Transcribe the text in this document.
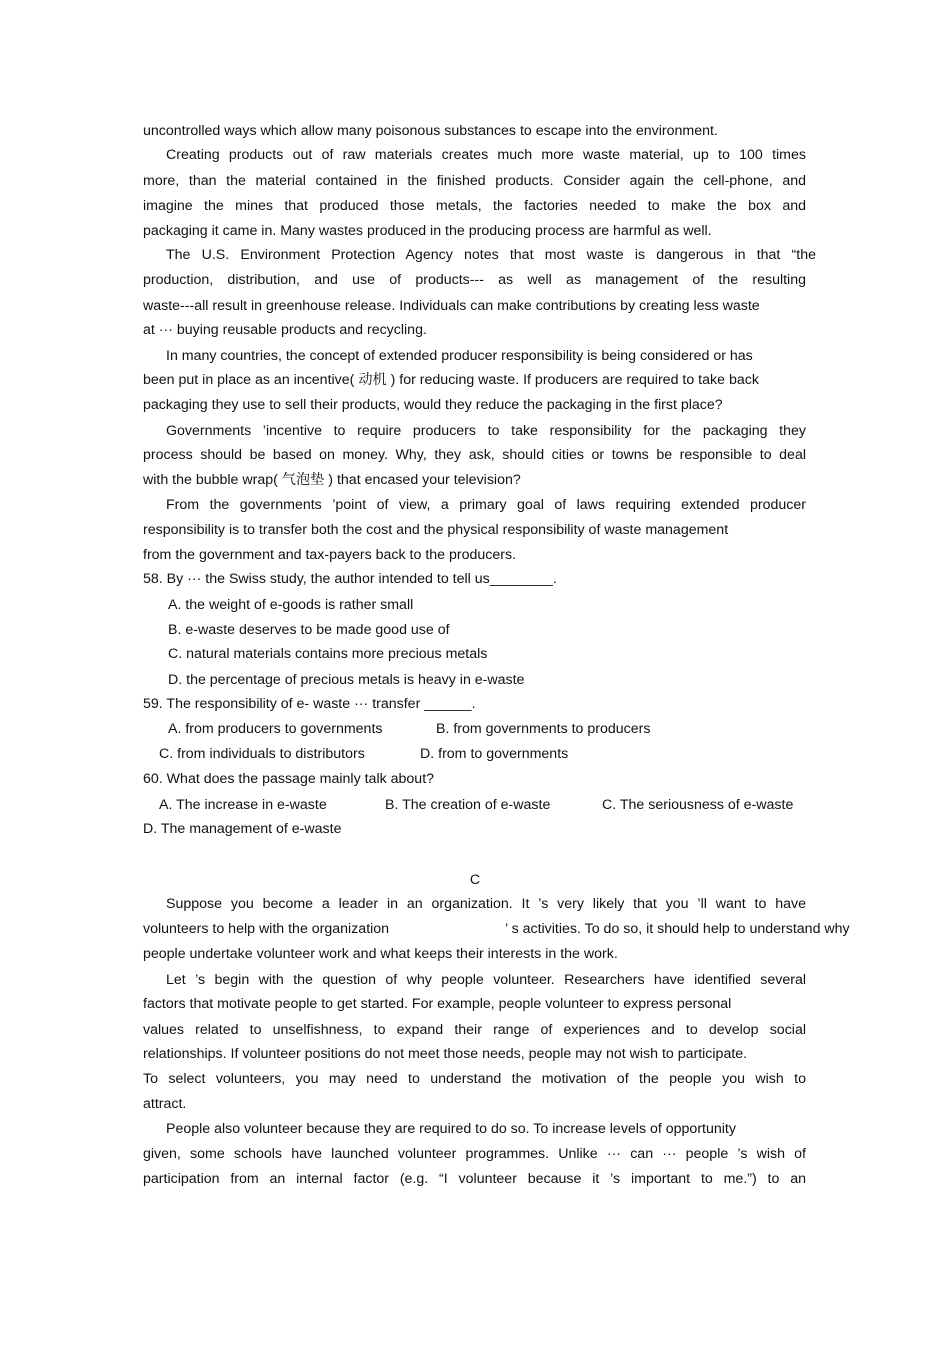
uncontrolled ways which allow many poisonous substances to escape into the environment.
Creating products out of raw materials creates much more waste material, up to 100 times
more, than the material contained in the finished products. Consider again the cell-phone, and
imagine the mines that produced those metals, the factories needed to make the box and
packaging it came in. Many wastes produced in the producing process are harmful as well.
The U.S. Environment Protection Agency notes that most waste is dangerous in that “the
production, distribution, and use of products--- as well as management of the resulting
waste---all result in greenhouse release. Individuals can make contributions by creating less waste
at ··· buying reusable products and recycling.
In many countries, the concept of extended producer responsibility is being considered or has
been put in place as an incentive( 动机 ) for reducing waste. If producers are required to take back
packaging they use to sell their products, would they reduce the packaging in the first place?
Governments ’incentive to require producers to take responsibility for the packaging they
process should be based on money. Why, they ask, should cities or towns be responsible to deal
with the bubble wrap( 气泡垫 ) that encased your television?
From the governments ’point of view, a primary goal of laws requiring extended producer
responsibility is to transfer both the cost and the physical responsibility of waste management
from the government and tax-payers back to the producers.
58. By ··· the Swiss study, the author intended to tell us________.
A. the weight of e-goods is rather small
B. e-waste deserves to be made good use of
C. natural materials contains more precious metals
D. the percentage of precious metals is heavy in e-waste
59. The responsibility of e- waste ··· transfer ______.
A. from producers to governments	B. from governments to producers
C. from individuals to distributors	D. from to governments
60. What does the passage mainly talk about?
A. The increase in e-waste	B. The creation of e-waste	C. The seriousness of e-waste
D. The management of e-waste
C
Suppose you become a leader in an organization. It ’s very likely that you ’ll want to have
volunteers to help with the organization	’ s activities. To do so, it should help to understand why
people undertake volunteer work and what keeps their interests in the work.
Let ’s begin with the question of why people volunteer. Researchers have identified several
factors that motivate people to get started. For example, people volunteer to express personal
values related to unselfishness, to expand their range of experiences and to develop social
relationships. If volunteer positions do not meet those needs, people may not wish to participate.
To select volunteers, you may need to understand the motivation of the people you wish to
attract.
People also volunteer because they are required to do so. To increase levels of opportunity
given, some schools have launched volunteer programmes. Unlike ··· can ··· people ’s wish of
participation from an internal factor (e.g. “I volunteer because it ’s important to me.”) to an
